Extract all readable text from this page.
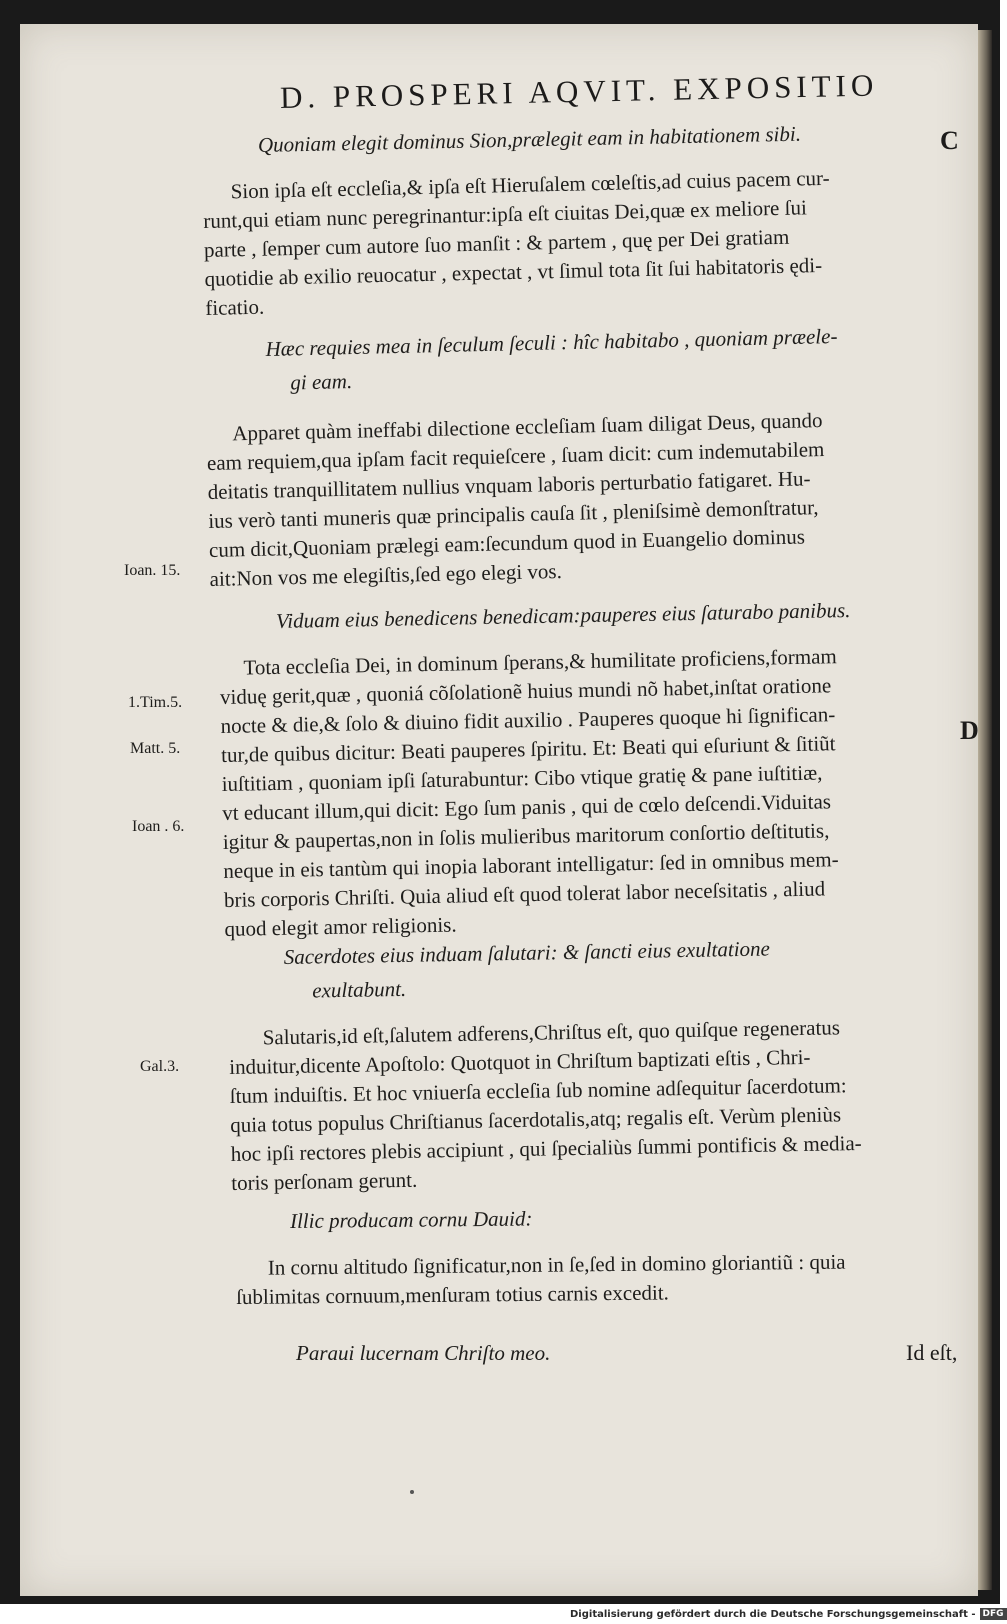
D. PROSPERI AQVIT. EXPOSITIO
C
D
Quoniam elegit dominus Sion,prælegit eam in habitationem sibi.
Sion ipſa eſt eccleſia,& ipſa eſt Hieruſalem cœleſtis,ad cuius pacem cur-
runt,qui etiam nunc peregrinantur:ipſa eſt ciuitas Dei,quæ ex meliore ſui
parte , ſemper cum autore ſuo manſit : & partem , quę per Dei gratiam
quotidie ab exilio reuocatur , expectat , vt ſimul tota ſit ſui habitatoris ędi-
ficatio.
Hæc requies mea in ſeculum ſeculi : hîc habitabo , quoniam præele-
gi eam.
Apparet quàm ineffabi dilectione eccleſiam ſuam diligat Deus, quando
eam requiem,qua ipſam facit requieſcere , ſuam dicit: cum indemutabilem
deitatis tranquillitatem nullius vnquam laboris perturbatio fatigaret. Hu-
ius verò tanti muneris quæ principalis cauſa ſit , pleniſsimè demonſtratur,
cum dicit,Quoniam prælegi eam:ſecundum quod in Euangelio dominus
ait:Non vos me elegiſtis,ſed ego elegi vos.
Viduam eius benedicens benedicam:pauperes eius ſaturabo panibus.
Tota eccleſia Dei, in dominum ſperans,& humilitate proficiens,formam
viduę gerit,quæ , quoniá cõſolationẽ huius mundi nõ habet,inſtat oratione
nocte & die,& ſolo & diuino fidit auxilio . Pauperes quoque hi ſignifican-
tur,de quibus dicitur: Beati pauperes ſpiritu. Et: Beati qui eſuriunt & ſitiũt
iuſtitiam , quoniam ipſi ſaturabuntur: Cibo vtique gratię & pane iuſtitiæ,
vt educant illum,qui dicit: Ego ſum panis , qui de cœlo deſcendi.Viduitas
igitur & paupertas,non in ſolis mulieribus maritorum conſortio deſtitutis,
neque in eis tantùm qui inopia laborant intelligatur: ſed in omnibus mem-
bris corporis Chriſti. Quia aliud eſt quod tolerat labor neceſsitatis , aliud
quod elegit amor religionis.
Sacerdotes eius induam ſalutari: & ſancti eius exultatione
exultabunt.
Salutaris,id eſt,ſalutem adferens,Chriſtus eſt, quo quiſque regeneratus
induitur,dicente Apoſtolo: Quotquot in Chriſtum baptizati eſtis , Chri-
ſtum induiſtis. Et hoc vniuerſa eccleſia ſub nomine adſequitur ſacerdotum:
quia totus populus Chriſtianus ſacerdotalis,atq; regalis eſt. Verùm pleniùs
hoc ipſi rectores plebis accipiunt , qui ſpecialiùs ſummi pontificis & media-
toris perſonam gerunt.
Illic producam cornu Dauid:
In cornu altitudo ſignificatur,non in ſe,ſed in domino gloriantiũ : quia
ſublimitas cornuum,menſuram totius carnis excedit.
Paraui lucernam Chriſto meo.
Ioan. 15.
1.Tim.5.
Matt. 5.
Ioan . 6.
Gal.3.
Id eſt,
Digitalisierung gefördert durch die Deutsche Forschungsgemeinschaft - DFG
